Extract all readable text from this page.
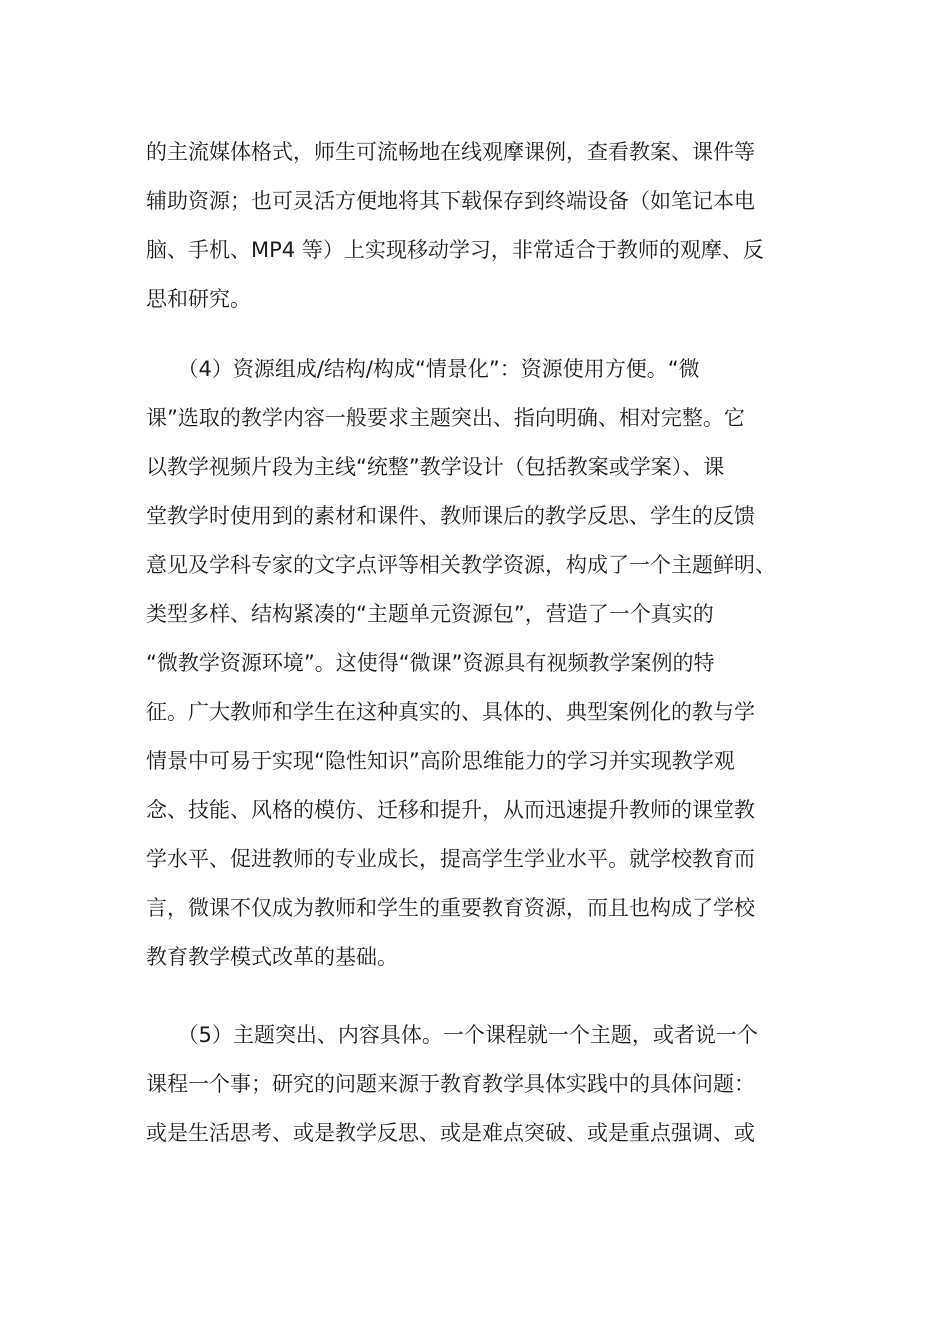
的主流媒体格式，师生可流畅地在线观摩课例，查看教案、课件等
辅助资源；也可灵活方便地将其下载保存到终端设备（如笔记本电
脑、手机、MP4 等）上实现移动学习，非常适合于教师的观摩、反
思和研究。
　　（4）资源组成/结构/构成“情景化”：资源使用方便。“微
课”选取的教学内容一般要求主题突出、指向明确、相对完整。它
以教学视频片段为主线“统整”教学设计（包括教案或学案）、课
堂教学时使用到的素材和课件、教师课后的教学反思、学生的反馈
意见及学科专家的文字点评等相关教学资源，构成了一个主题鲜明、
类型多样、结构紧凑的“主题单元资源包”，营造了一个真实的
“微教学资源环境”。这使得“微课”资源具有视频教学案例的特
征。广大教师和学生在这种真实的、具体的、典型案例化的教与学
情景中可易于实现“隐性知识”高阶思维能力的学习并实现教学观
念、技能、风格的模仿、迁移和提升，从而迅速提升教师的课堂教
学水平、促进教师的专业成长，提高学生学业水平。就学校教育而
言，微课不仅成为教师和学生的重要教育资源，而且也构成了学校
教育教学模式改革的基础。
　　（5）主题突出、内容具体。一个课程就一个主题，或者说一个
课程一个事；研究的问题来源于教育教学具体实践中的具体问题：
或是生活思考、或是教学反思、或是难点突破、或是重点强调、或
